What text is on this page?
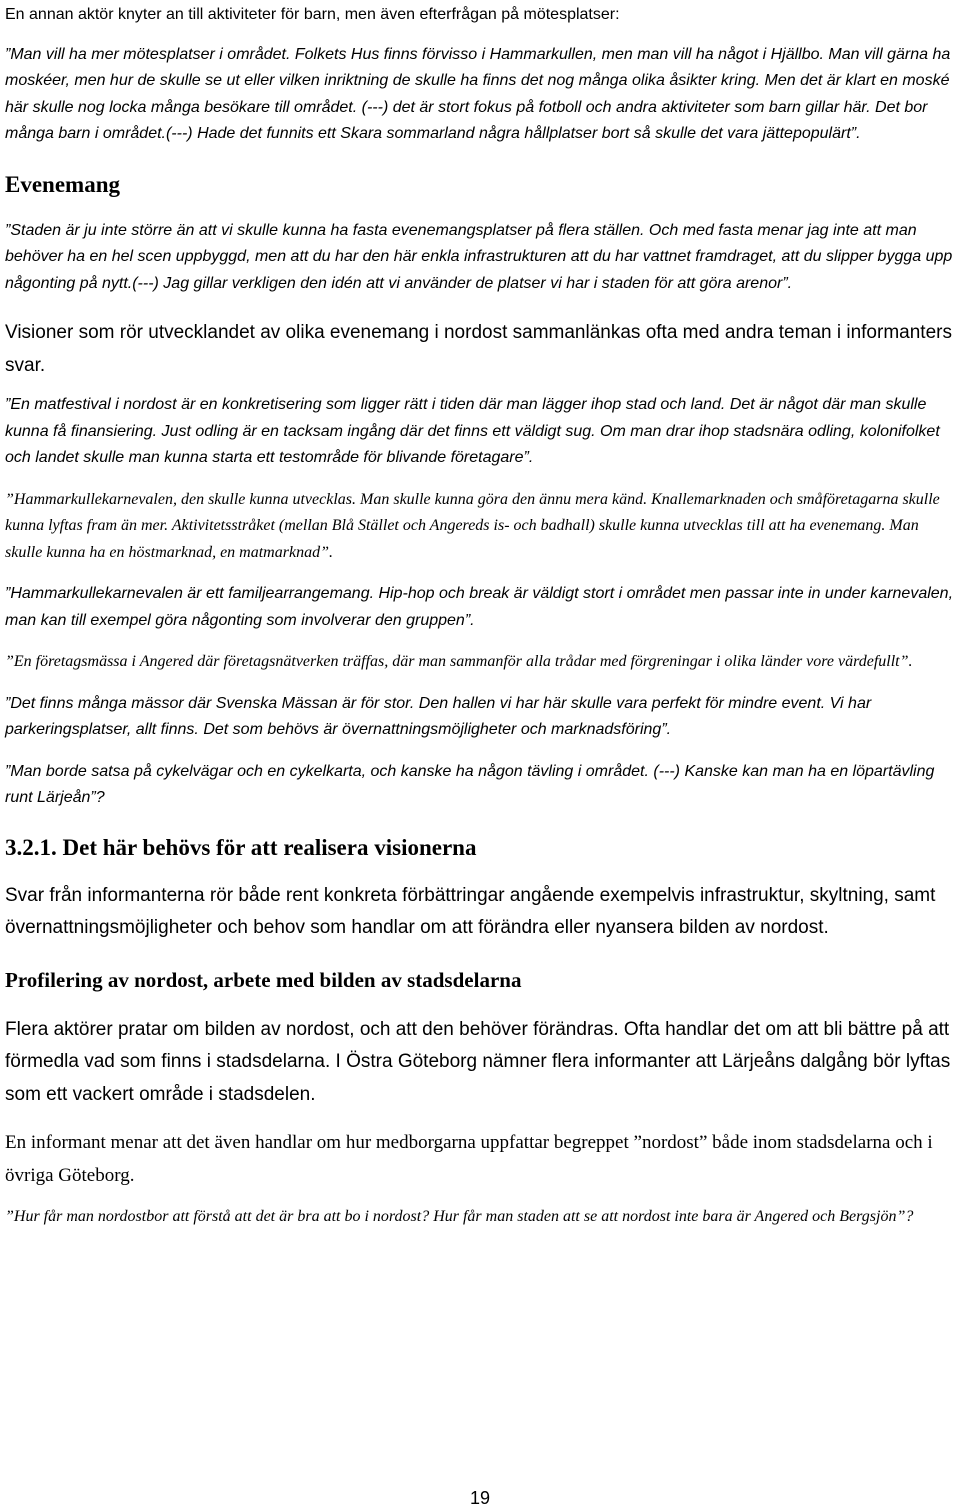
En annan aktör knyter an till aktiviteter för barn, men även efterfrågan på mötesplatser:

”Man vill ha mer mötesplatser i området. Folkets Hus finns förvisso i Hammarkullen, men man vill ha något i Hjällbo. Man vill gärna ha moskéer, men hur de skulle se ut eller vilken inriktning de skulle ha finns det nog många olika åsikter kring. Men det är klart en moské här skulle nog locka många besökare till området. (---) det är stort fokus på fotboll och andra aktiviteter som barn gillar här. Det bor många barn i området.(---) Hade det funnits ett Skara sommarland några hållplatser bort så skulle det vara jättepopulärt”.

Evenemang

”Staden är ju inte större än att vi skulle kunna ha fasta evenemangsplatser på flera ställen. Och med fasta menar jag inte att man behöver ha en hel scen uppbyggd, men att du har den här enkla infrastrukturen att du har vattnet framdraget, att du slipper bygga upp någonting på nytt.(---) Jag gillar verkligen den idén att vi använder de platser vi har i staden för att göra arenor”.

Visioner som rör utvecklandet av olika evenemang i nordost sammanlänkas ofta med andra teman i informanters svar.

”En matfestival i nordost är en konkretisering som ligger rätt i tiden där man lägger ihop stad och land. Det är något där man skulle kunna få finansiering. Just odling är en tacksam ingång där det finns ett väldigt sug. Om man drar ihop stadsnära odling, kolonifolket och landet skulle man kunna starta ett testområde för blivande företagare”.

”Hammarkullekarnevalen, den skulle kunna utvecklas. Man skulle kunna göra den ännu mera känd. Knallemarknaden och småföretagarna skulle kunna lyftas fram än mer. Aktivitetsstråket (mellan Blå Stället och Angereds is- och badhall) skulle kunna utvecklas till att ha evenemang. Man skulle kunna ha en höstmarknad, en matmarknad”.

”Hammarkullekarnevalen är ett familjearrangemang. Hip-hop och break är väldigt stort i området men passar inte in under karnevalen, man kan till exempel göra någonting som involverar den gruppen”.

”En företagsmässa i Angered där företagsnätverken träffas, där man sammanför alla trådar med förgreningar i olika länder vore värdefullt”.

”Det finns många mässor där Svenska Mässan är för stor. Den hallen vi har här skulle vara perfekt för mindre event. Vi har parkeringsplatser, allt finns. Det som behövs är övernattningsmöjligheter och marknadsföring”.

”Man borde satsa på cykelvägar och en cykelkarta, och kanske ha någon tävling i området. (---) Kanske kan man ha en löpartävling runt Lärjeån”?

3.2.1. Det här behövs för att realisera visionerna

Svar från informanterna rör både rent konkreta förbättringar angående exempelvis infrastruktur, skyltning, samt övernattningsmöjligheter och behov som handlar om att förändra eller nyansera bilden av nordost.

Profilering av nordost, arbete med bilden av stadsdelarna

Flera aktörer pratar om bilden av nordost, och att den behöver förändras. Ofta handlar det om att bli bättre på att förmedla vad som finns i stadsdelarna. I Östra Göteborg nämner flera informanter att Lärjeåns dalgång bör lyftas som ett vackert område i stadsdelen.

En informant menar att det även handlar om hur medborgarna uppfattar begreppet ”nordost” både inom stadsdelarna och i övriga Göteborg.

”Hur får man nordostbor att förstå att det är bra att bo i nordost? Hur får man staden att se att nordost inte bara är Angered och Bergsjön”?

19
